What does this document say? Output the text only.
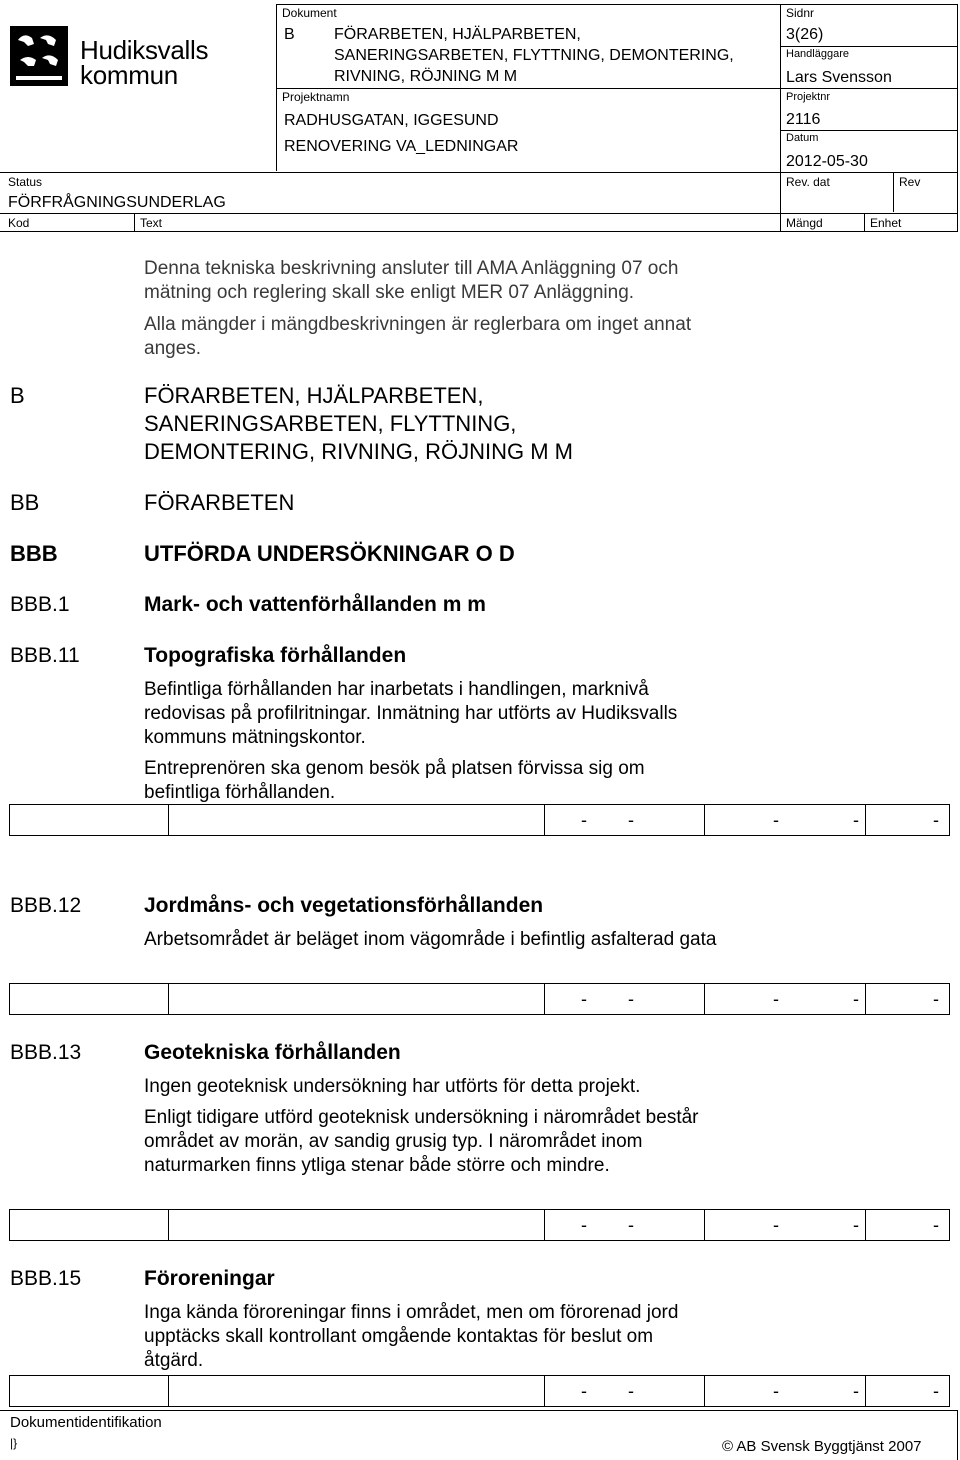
Hudiksvalls
kommun
Dokument
B FÖRARBETEN, HJÄLPARBETEN,
SANERINGSARBETEN, FLYTTNING, DEMONTERING,
RIVNING, RÖJNING M M
Projektnamn
RADHUSGATAN, IGGESUND
RENOVERING VA_LEDNINGAR
Sidnr
3(26)
Handläggare
Lars Svensson
Projektnr
2116
Datum
2012-05-30
Status
FÖRFRÅGNINGSUNDERLAG
Rev. dat	Rev
Kod	Text	Mängd	Enhet
Denna tekniska beskrivning ansluter till AMA Anläggning 07 och
mätning och reglering skall ske enligt MER 07 Anläggning.
Alla mängder i mängdbeskrivningen är reglerbara om inget annat
anges.
B	FÖRARBETEN, HJÄLPARBETEN,
SANERINGSARBETEN, FLYTTNING,
DEMONTERING, RIVNING, RÖJNING M M
BB	FÖRARBETEN
BBB	UTFÖRDA UNDERSÖKNINGAR O D
BBB.1	Mark- och vattenförhållanden m m
BBB.11	Topografiska förhållanden
Befintliga förhållanden har inarbetats i handlingen, marknivå
redovisas på profilritningar. Inmätning har utförts av Hudiksvalls
kommuns mätningskontor.
Entreprenören ska genom besök på platsen förvissa sig om
befintliga förhållanden.
- -	-	-	-
BBB.12	Jordmåns- och vegetationsförhållanden
Arbetsområdet är beläget inom vägområde i befintlig asfalterad gata
- -	-	-	-
BBB.13	Geotekniska förhållanden
Ingen geoteknisk undersökning har utförts för detta projekt.
Enligt tidigare utförd geoteknisk undersökning i närområdet består
området av morän, av sandig grusig typ. I närområdet inom
naturmarken finns ytliga stenar både större och mindre.
- -	-	-	-
BBB.15	Föroreningar
Inga kända föroreningar finns i området, men om förorenad jord
upptäcks skall kontrollant omgående kontaktas för beslut om
åtgärd.
- -	-	-	-
Dokumentidentifikation
|}	© AB Svensk Byggtjänst 2007
